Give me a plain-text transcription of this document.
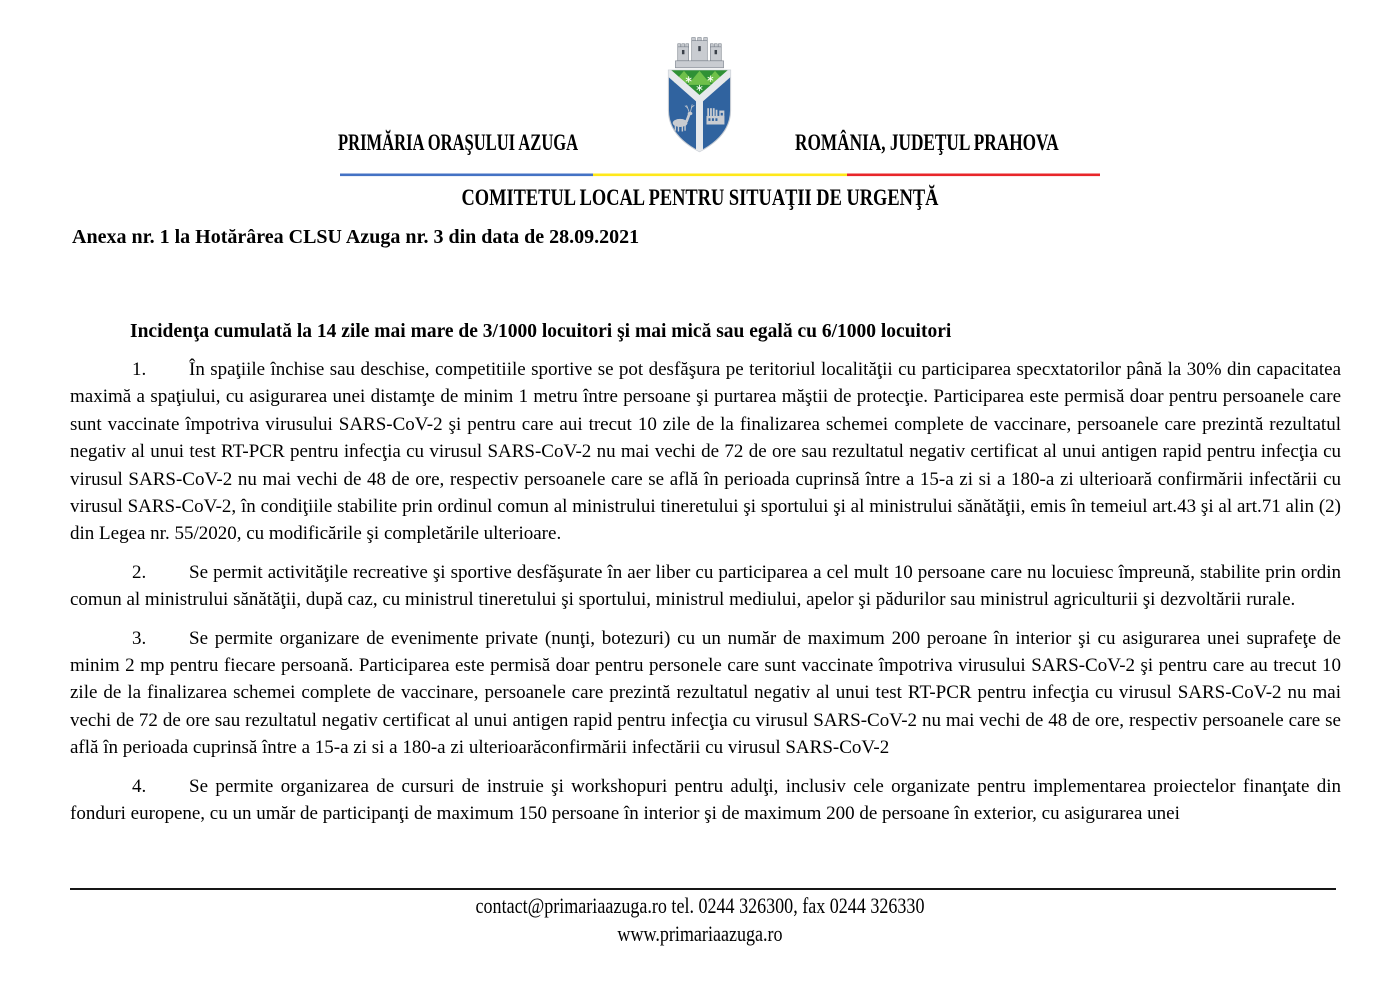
PRIMĂRIA ORAŞULUI AZUGA	ROMÂNIA, JUDEŢUL PRAHOVA
COMITETUL LOCAL PENTRU SITUAŢII DE URGENŢĂ
Anexa nr. 1 la Hotărârea CLSU Azuga nr. 3 din data de 28.09.2021
Incidenţa cumulată la 14 zile mai mare de 3/1000 locuitori şi mai mică sau egală cu 6/1000 locuitori

1. În spaţiile închise sau deschise, competitiile sportive se pot desfăşura pe teritoriul localităţii cu participarea specxtatorilor până la 30% din capacitatea maximă a spaţiului, cu asigurarea unei distamţe de minim 1 metru între persoane şi purtarea măştii de protecţie. Participarea este permisă doar pentru persoanele care sunt vaccinate împotriva virusului SARS-CoV-2 şi pentru care aui trecut 10 zile de la finalizarea schemei complete de vaccinare, persoanele care prezintă rezultatul negativ al unui test RT-PCR pentru infecţia cu virusul SARS-CoV-2 nu mai vechi de 72 de ore sau rezultatul negativ certificat al unui antigen rapid pentru infecţia cu virusul SARS-CoV-2 nu mai vechi de 48 de ore, respectiv persoanele care se află în perioada cuprinsă între a 15-a zi si a 180-a zi ulterioară confirmării infectării cu virusul SARS-CoV-2, în condiţiile stabilite prin ordinul comun al ministrului tineretului şi sportului şi al ministrului sănătăţii, emis în temeiul art.43 şi al art.71 alin (2) din Legea nr. 55/2020, cu modificările şi completările ulterioare.

2. Se permit activităţile recreative şi sportive desfăşurate în aer liber cu participarea a cel mult 10 persoane care nu locuiesc împreună, stabilite prin ordin comun al ministrului sănătăţii, după caz, cu ministrul tineretului şi sportului, ministrul mediului, apelor şi pădurilor sau ministrul agriculturii şi dezvoltării rurale.

3. Se permite organizare de evenimente private (nunţi, botezuri) cu un număr de maximum 200 peroane în interior şi cu asigurarea unei suprafeţe de minim 2 mp pentru fiecare persoană. Participarea este permisă doar pentru personele care sunt vaccinate împotriva virusului SARS-CoV-2 şi pentru care au trecut 10 zile de la finalizarea schemei complete de vaccinare, persoanele care prezintă rezultatul negativ al unui test RT-PCR pentru infecţia cu virusul SARS-CoV-2 nu mai vechi de 72 de ore sau rezultatul negativ certificat al unui antigen rapid pentru infecţia cu virusul SARS-CoV-2 nu mai vechi de 48 de ore, respectiv persoanele care se află în perioada cuprinsă între a 15-a zi si a 180-a zi ulterioarăconfirmării infectării cu virusul SARS-CoV-2

4. Se permite organizarea de cursuri de instruie şi workshopuri pentru adulţi, inclusiv cele organizate pentru implementarea proiectelor finanţate din fonduri europene, cu un umăr de participanţi de maximum 150 persoane în interior şi de maximum 200 de persoane în exterior, cu asigurarea unei

contact@primariaazuga.ro tel. 0244 326300, fax 0244 326330
www.primariaazuga.ro
